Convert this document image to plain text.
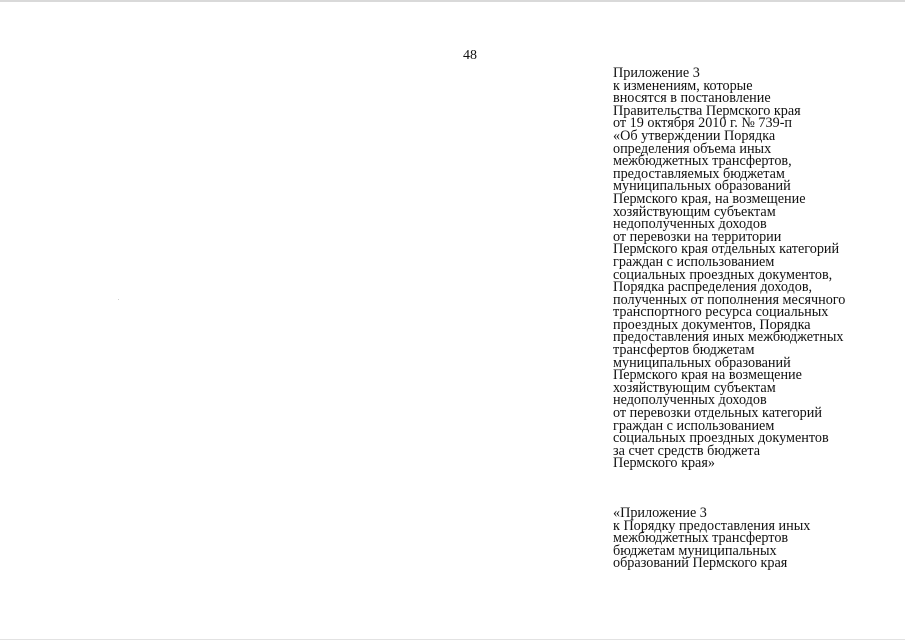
48
Приложение 3
к изменениям, которые
вносятся в постановление
Правительства Пермского края
от 19 октября 2010 г. № 739-п
«Об утверждении Порядка
определения объема иных
межбюджетных трансфертов,
предоставляемых бюджетам
муниципальных образований
Пермского края, на возмещение
хозяйствующим субъектам
недополученных доходов
от перевозки на территории
Пермского края отдельных категорий
граждан с использованием
социальных проездных документов,
Порядка распределения доходов,
полученных от пополнения месячного
транспортного ресурса социальных
проездных документов, Порядка
предоставления иных межбюджетных
трансфертов бюджетам
муниципальных образований
Пермского края на возмещение
хозяйствующим субъектам
недополученных доходов
от перевозки отдельных категорий
граждан с использованием
социальных проездных документов
за счет средств бюджета
Пермского края»
«Приложение 3
к Порядку предоставления иных
межбюджетных трансфертов
бюджетам муниципальных
образований Пермского края
